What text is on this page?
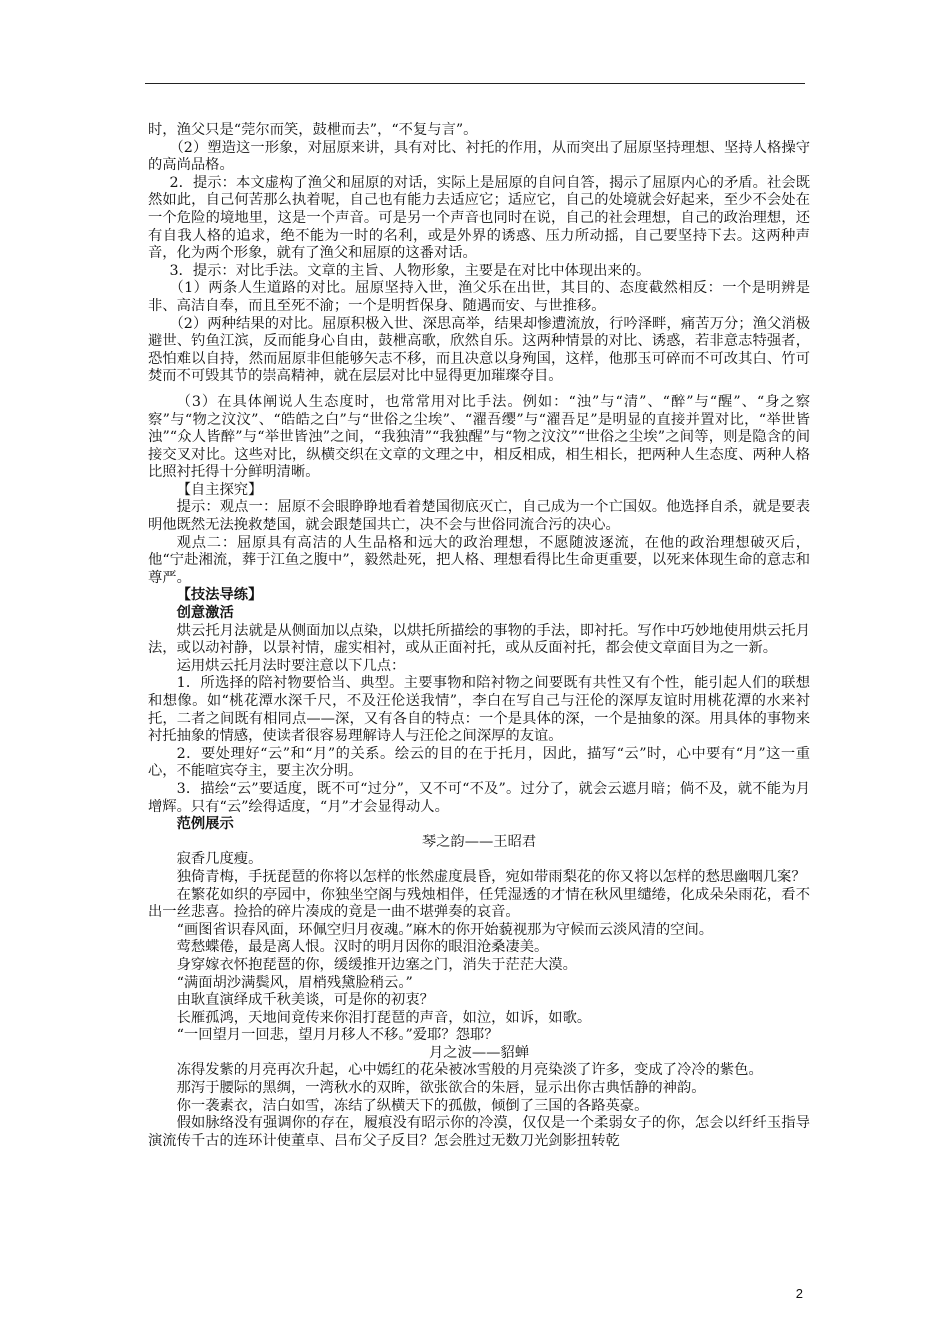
时，渔父只是“莞尔而笑，鼓枻而去”，“不复与言”。

（2）塑造这一形象，对屈原来讲，具有对比、衬托的作用，从而突出了屈原坚持理想、坚持人格操守的高尚品格。

2．提示：本文虚构了渔父和屈原的对话，实际上是屈原的自问自答，揭示了屈原内心的矛盾。社会既然如此，自己何苦那么执着呢，自己也有能力去适应它；适应它，自己的处境就会好起来，至少不会处在一个危险的境地里，这是一个声音。可是另一个声音也同时在说，自己的社会理想，自己的政治理想，还有自我人格的追求，绝不能为一时的名利，或是外界的诱惑、压力所动摇，自己要坚持下去。这两种声音，化为两个形象，就有了渔父和屈原的这番对话。

3．提示：对比手法。文章的主旨、人物形象，主要是在对比中体现出来的。

（1）两条人生道路的对比。屈原坚持入世，渔父乐在出世，其目的、态度截然相反：一个是明辨是非、高洁自奉，而且至死不渝；一个是明哲保身、随遇而安、与世推移。

（2）两种结果的对比。屈原积极入世、深思高举，结果却惨遭流放，行吟泽畔，痛苦万分；渔父消极避世、钓鱼江滨，反而能身心自由，鼓枻高歌，欣然自乐。这两种情景的对比、诱惑，若非意志特强者，恐怕难以自持，然而屈原非但能够矢志不移，而且决意以身殉国，这样，他那玉可碎而不可改其白、竹可焚而不可毁其节的崇高精神，就在层层对比中显得更加璀璨夺目。

（3）在具体阐说人生态度时，也常常用对比手法。例如：“浊”与“清”、“醉”与“醒”、“身之察察”与“物之汶汶”、“皓皓之白”与“世俗之尘埃”、“濯吾缨”与“濯吾足”是明显的直接并置对比，“举世皆浊”“众人皆醉”与“举世皆浊”之间，“我独清”“我独醒”与“物之汶汶”“世俗之尘埃”之间等，则是隐含的间接交叉对比。这些对比，纵横交织在文章的文理之中，相反相成，相生相长，把两种人生态度、两种人格比照衬托得十分鲜明清晰。

【自主探究】

提示：观点一：屈原不会眼睁睁地看着楚国彻底灭亡，自己成为一个亡国奴。他选择自杀，就是要表明他既然无法挽救楚国，就会跟楚国共亡，决不会与世俗同流合污的决心。

观点二：屈原具有高洁的人生品格和远大的政治理想，不愿随波逐流，在他的政治理想破灭后，他“宁赴湘流，葬于江鱼之腹中”，毅然赴死，把人格、理想看得比生命更重要，以死来体现生命的意志和尊严。

【技法导练】

创意激活

烘云托月法就是从侧面加以点染，以烘托所描绘的事物的手法，即衬托。写作中巧妙地使用烘云托月法，或以动衬静，以景衬情，虚实相衬，或从正面衬托，或从反面衬托，都会使文章面目为之一新。

运用烘云托月法时要注意以下几点：

1．所选择的陪衬物要恰当、典型。主要事物和陪衬物之间要既有共性又有个性，能引起人们的联想和想像。如“桃花潭水深千尺，不及汪伦送我情”，李白在写自己与汪伦的深厚友谊时用桃花潭的水来衬托，二者之间既有相同点——深，又有各自的特点：一个是具体的深，一个是抽象的深。用具体的事物来衬托抽象的情感，使读者很容易理解诗人与汪伦之间深厚的友谊。

2．要处理好“云”和“月”的关系。绘云的目的在于托月，因此，描写“云”时，心中要有“月”这一重心，不能喧宾夺主，要主次分明。

3．描绘“云”要适度，既不可“过分”，又不可“不及”。过分了，就会云遮月暗；倘不及，就不能为月增辉。只有“云”绘得适度，“月”才会显得动人。

范例展示

琴之韵——王昭君

寂香几度瘦。

独倚青梅，手抚琵琶的你将以怎样的怅然虚度晨昏，宛如带雨梨花的你又将以怎样的愁思幽咽几案？

在繁花如织的亭园中，你独坐空阁与残烛相伴，任凭湿透的才情在秋风里缱绻，化成朵朵雨花，看不出一丝悲喜。捡拾的碎片凑成的竟是一曲不堪弹奏的哀音。

“画图省识春风面，环佩空归月夜魂。”麻木的你开始藐视那为守候而云淡风清的空间。

莺愁蝶倦，最是离人恨。汉时的明月因你的眼泪沧桑凄美。

身穿嫁衣怀抱琵琶的你，缓缓推开边塞之门，消失于茫茫大漠。

“满面胡沙满鬓风，眉梢残黛脸稍云。”

由耿直演绎成千秋美谈，可是你的初衷？

长雁孤鸿，天地间竟传来你泪打琵琶的声音，如泣，如诉，如歌。

“一回望月一回悲，望月月移人不移。”爱耶？怨耶？

月之波——貂蝉

冻得发紫的月亮再次升起，心中嫣红的花朵被冰雪般的月亮染淡了许多，变成了冷冷的紫色。

那泻于腰际的黑绸，一湾秋水的双眸，欲张欲合的朱唇，显示出你古典恬静的神韵。

你一袭素衣，洁白如雪，冻结了纵横天下的孤傲，倾倒了三国的各路英豪。

假如脉络没有强调你的存在，履痕没有昭示你的冷漠，仅仅是一个柔弱女子的你，怎会以纤纤玉指导演流传千古的连环计使董卓、吕布父子反目？怎会胜过无数刀光剑影扭转乾

2
